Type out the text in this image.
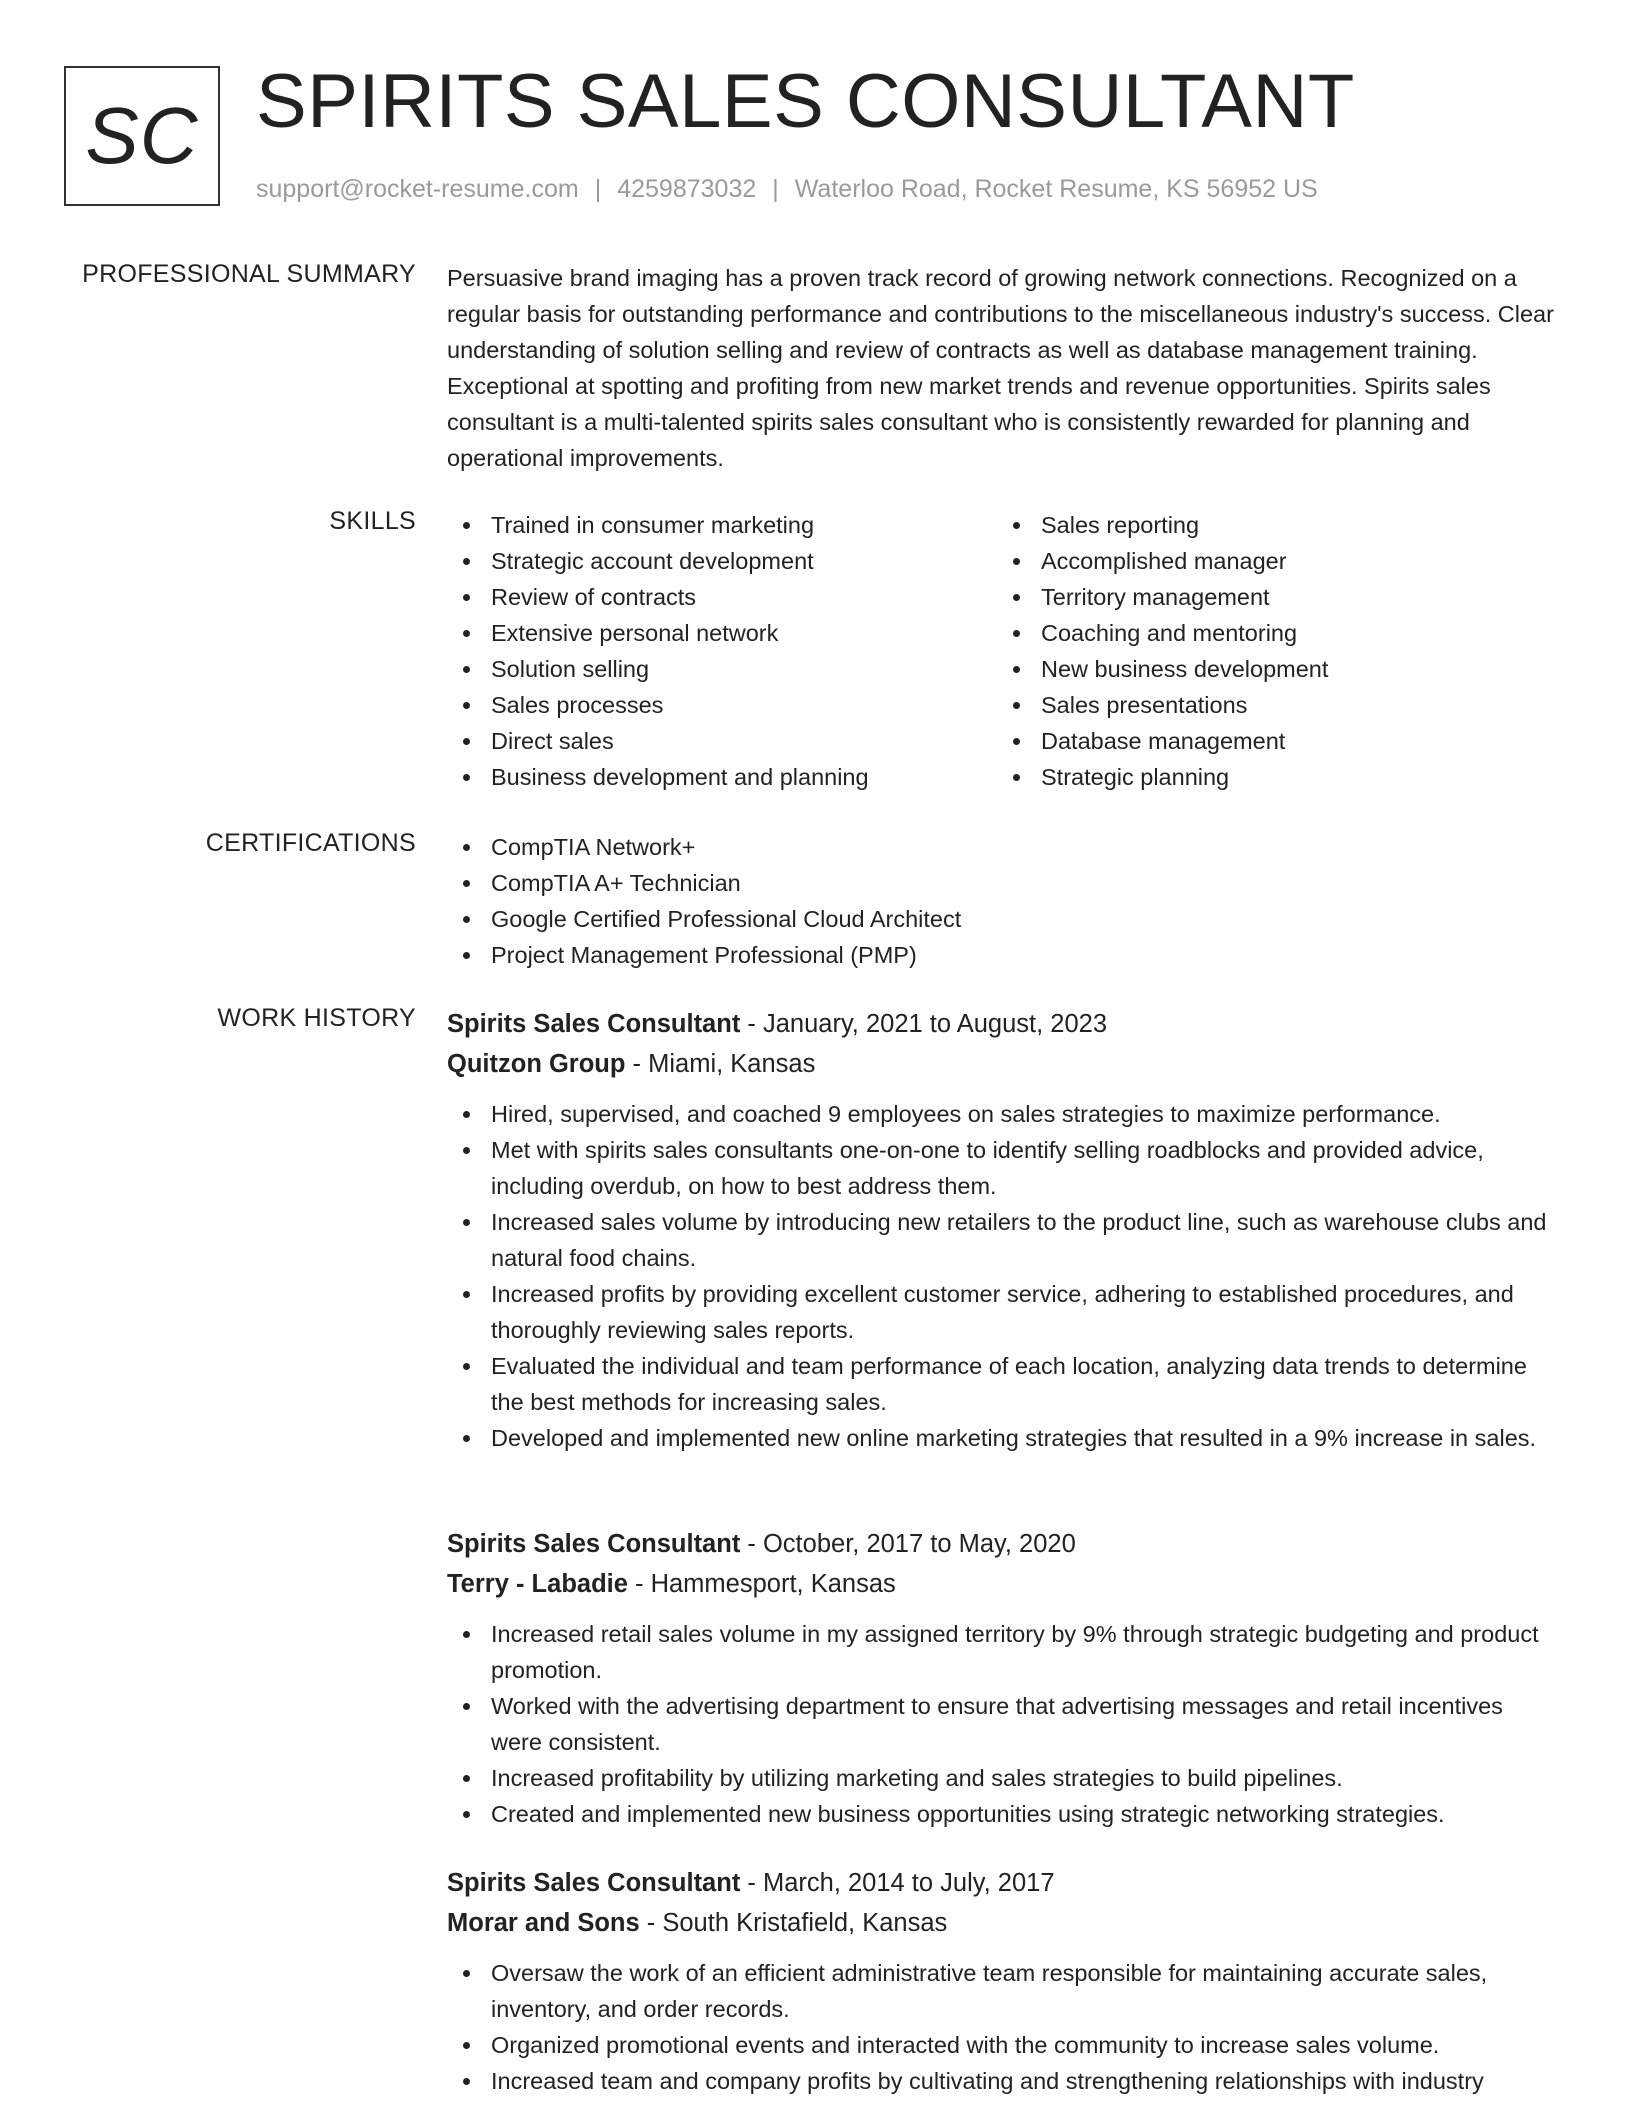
SC SPIRITS SALES CONSULTANT
support@rocket-resume.com | 4259873032 | Waterloo Road, Rocket Resume, KS 56952 US
PROFESSIONAL SUMMARY Persuasive brand imaging has a proven track record of growing network connections. Recognized on a regular basis for outstanding performance and contributions to the miscellaneous industry's success. Clear understanding of solution selling and review of contracts as well as database management training. Exceptional at spotting and profiting from new market trends and revenue opportunities. Spirits sales consultant is a multi-talented spirits sales consultant who is consistently rewarded for planning and operational improvements.

SKILLS	Trained in consumer marketing
Strategic account development
Review of contracts
Extensive personal network
Solution selling
Sales processes
Direct sales
Business development and planning
Sales reporting
Accomplished manager
Territory management
Coaching and mentoring
New business development
Sales presentations
Database management
Strategic planning
CERTIFICATIONS	CompTIA Network+
CompTIA A+ Technician
Google Certified Professional Cloud Architect
Project Management Professional (PMP)
WORK HISTORY Spirits Sales Consultant - January, 2021 to August, 2023
Quitzon Group - Miami, Kansas
Hired, supervised, and coached 9 employees on sales strategies to maximize performance.
Met with spirits sales consultants one-on-one to identify selling roadblocks and provided advice, including overdub, on how to best address them.
Increased sales volume by introducing new retailers to the product line, such as warehouse clubs and natural food chains.
Increased profits by providing excellent customer service, adhering to established procedures, and thoroughly reviewing sales reports.
Evaluated the individual and team performance of each location, analyzing data trends to determine the best methods for increasing sales.
Developed and implemented new online marketing strategies that resulted in a 9% increase in sales.
Spirits Sales Consultant - October, 2017 to May, 2020
Terry - Labadie - Hammesport, Kansas
Increased retail sales volume in my assigned territory by 9% through strategic budgeting and product promotion.
Worked with the advertising department to ensure that advertising messages and retail incentives were consistent.
Increased profitability by utilizing marketing and sales strategies to build pipelines.
Created and implemented new business opportunities using strategic networking strategies.
Spirits Sales Consultant - March, 2014 to July, 2017
Morar and Sons - South Kristafield, Kansas
Oversaw the work of an efficient administrative team responsible for maintaining accurate sales, inventory, and order records.
Organized promotional events and interacted with the community to increase sales volume.
Increased team and company profits by cultivating and strengthening relationships with industry
